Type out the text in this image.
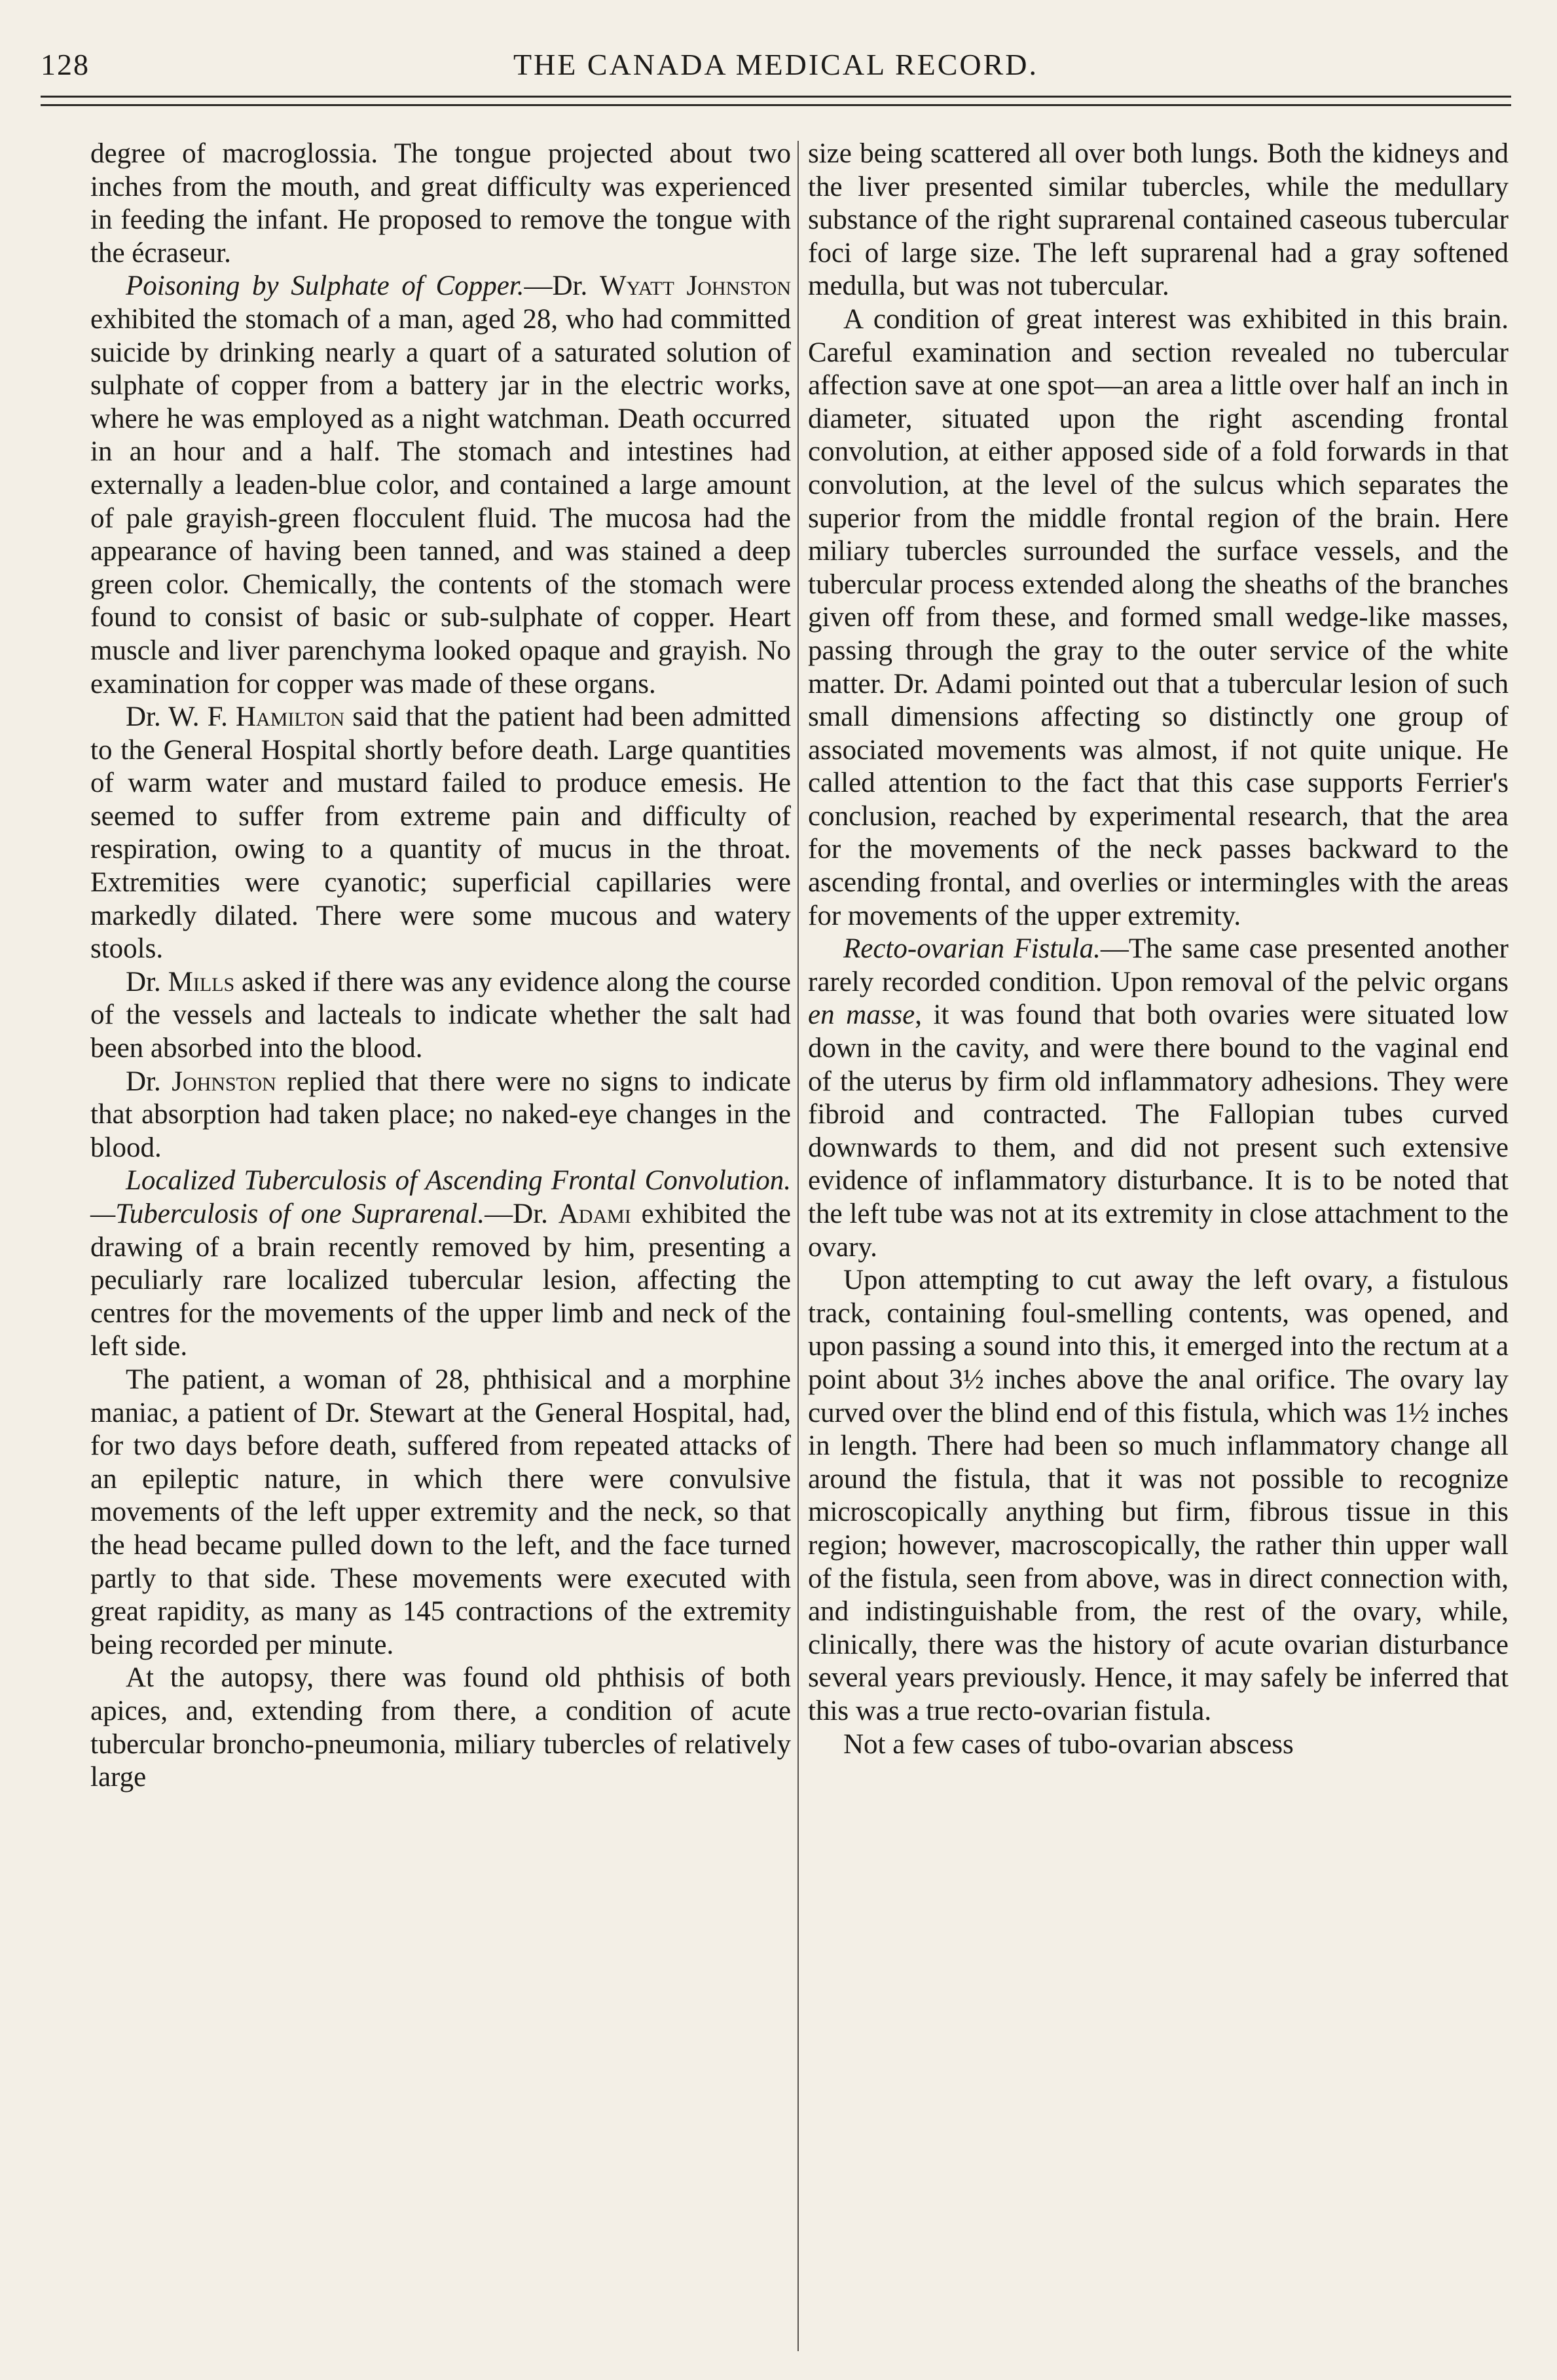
128	THE CANADA MEDICAL RECORD.

degree of macroglossia. The tongue projected about two inches from the mouth, and great difficulty was experienced in feeding the infant. He proposed to remove the tongue with the écraseur.

Poisoning by Sulphate of Copper.—Dr. Wyatt Johnston exhibited the stomach of a man, aged 28, who had committed suicide by drinking nearly a quart of a saturated solution of sulphate of copper from a battery jar in the electric works, where he was employed as a night watchman. Death occurred in an hour and a half. The stomach and intestines had externally a leaden-blue color, and contained a large amount of pale grayish-green flocculent fluid. The mucosa had the appearance of having been tanned, and was stained a deep green color. Chemically, the contents of the stomach were found to consist of basic or sub-sulphate of copper. Heart muscle and liver parenchyma looked opaque and grayish. No examination for copper was made of these organs.

Dr. W. F. Hamilton said that the patient had been admitted to the General Hospital shortly before death. Large quantities of warm water and mustard failed to produce emesis. He seemed to suffer from extreme pain and difficulty of respiration, owing to a quantity of mucus in the throat. Extremities were cyanotic; superficial capillaries were markedly dilated. There were some mucous and watery stools.

Dr. Mills asked if there was any evidence along the course of the vessels and lacteals to indicate whether the salt had been absorbed into the blood.

Dr. Johnston replied that there were no signs to indicate that absorption had taken place; no naked-eye changes in the blood.

Localized Tuberculosis of Ascending Frontal Convolution.—Tuberculosis of one Suprarenal.—Dr. Adami exhibited the drawing of a brain recently removed by him, presenting a peculiarly rare localized tubercular lesion, affecting the centres for the movements of the upper limb and neck of the left side.

The patient, a woman of 28, phthisical and a morphine maniac, a patient of Dr. Stewart at the General Hospital, had, for two days before death, suffered from repeated attacks of an epileptic nature, in which there were convulsive movements of the left upper extremity and the neck, so that the head became pulled down to the left, and the face turned partly to that side. These movements were executed with great rapidity, as many as 145 contractions of the extremity being recorded per minute.

At the autopsy, there was found old phthisis of both apices, and, extending from there, a condition of acute tubercular broncho-pneumonia, miliary tubercles of relatively large

size being scattered all over both lungs. Both the kidneys and the liver presented similar tubercles, while the medullary substance of the right suprarenal contained caseous tubercular foci of large size. The left suprarenal had a gray softened medulla, but was not tubercular.

A condition of great interest was exhibited in this brain. Careful examination and section revealed no tubercular affection save at one spot—an area a little over half an inch in diameter, situated upon the right ascending frontal convolution, at either apposed side of a fold forwards in that convolution, at the level of the sulcus which separates the superior from the middle frontal region of the brain. Here miliary tubercles surrounded the surface vessels, and the tubercular process extended along the sheaths of the branches given off from these, and formed small wedge-like masses, passing through the gray to the outer service of the white matter. Dr. Adami pointed out that a tubercular lesion of such small dimensions affecting so distinctly one group of associated movements was almost, if not quite unique. He called attention to the fact that this case supports Ferrier's conclusion, reached by experimental research, that the area for the movements of the neck passes backward to the ascending frontal, and overlies or intermingles with the areas for movements of the upper extremity.

Recto-ovarian Fistula.—The same case presented another rarely recorded condition. Upon removal of the pelvic organs en masse, it was found that both ovaries were situated low down in the cavity, and were there bound to the vaginal end of the uterus by firm old inflammatory adhesions. They were fibroid and contracted. The Fallopian tubes curved downwards to them, and did not present such extensive evidence of inflammatory disturbance. It is to be noted that the left tube was not at its extremity in close attachment to the ovary.

Upon attempting to cut away the left ovary, a fistulous track, containing foul-smelling contents, was opened, and upon passing a sound into this, it emerged into the rectum at a point about 3½ inches above the anal orifice. The ovary lay curved over the blind end of this fistula, which was 1½ inches in length. There had been so much inflammatory change all around the fistula, that it was not possible to recognize microscopically anything but firm, fibrous tissue in this region; however, macroscopically, the rather thin upper wall of the fistula, seen from above, was in direct connection with, and indistinguishable from, the rest of the ovary, while, clinically, there was the history of acute ovarian disturbance several years previously. Hence, it may safely be inferred that this was a true recto-ovarian fistula.

Not a few cases of tubo-ovarian abscess
